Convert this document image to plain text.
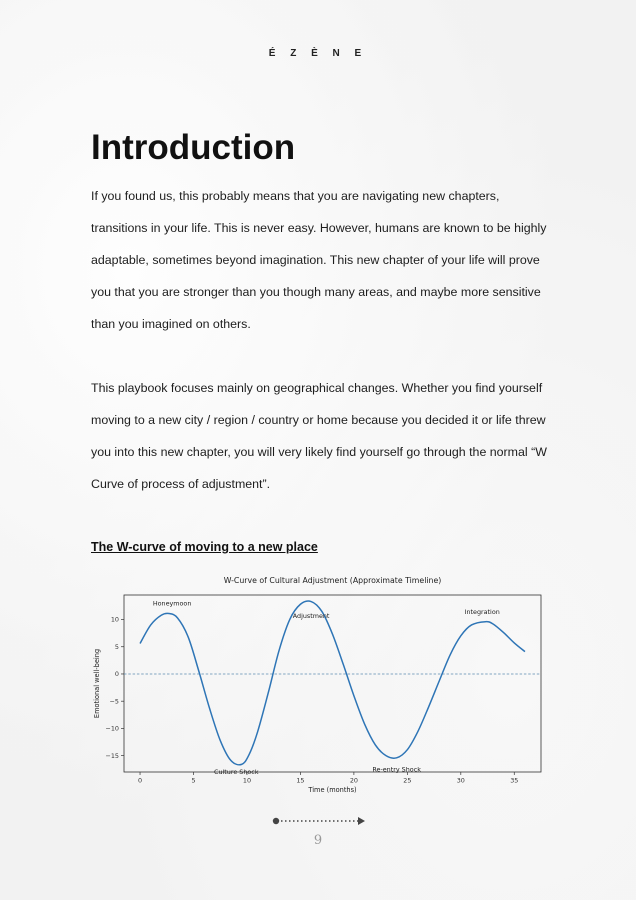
É Z È N E
Introduction

If you found us, this probably means that you are navigating new chapters, transitions in your life. This is never easy. However, humans are known to be highly adaptable, sometimes beyond imagination. This new chapter of your life will prove you that you are stronger than you though many areas, and maybe more sensitive than you imagined on others.

This playbook focuses mainly on geographical changes. Whether you find yourself moving to a new city / region / country or home because you decided it or life threw you into this new chapter, you will very likely find yourself go through the normal “W Curve of process of adjustment”.

The W-curve of moving to a new place
W-Curve of Cultural Adjustment (Approximate Timeline)
0	5	10	15	20	25	30	35
−15
−10
−5
0
5
10
Time (months)
Emotional well-being
Honeymoon
Adjustment	Integration
Culture Shock	Re-entry Shock
9
